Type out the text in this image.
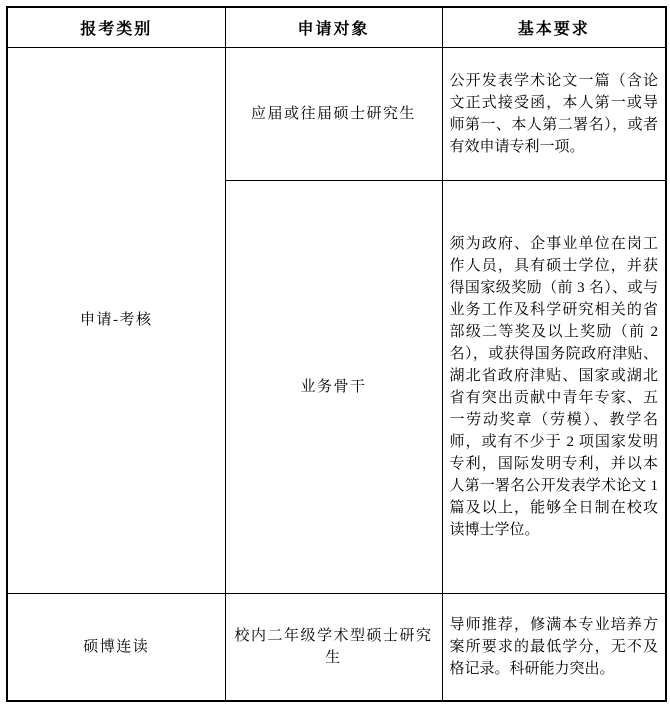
报考类别	申请对象	基本要求
申请-考核	应届或往届硕士研究生	公开发表学术论文一篇（含论文正式接受函，本人第一或导师第一、本人第二署名），或者有效申请专利一项。
	业务骨干	须为政府、企事业单位在岗工作人员，具有硕士学位，并获得国家级奖励（前 3 名）、或与业务工作及科学研究相关的省部级二等奖及以上奖励（前 2 名），或获得国务院政府津贴、湖北省政府津贴、国家或湖北省有突出贡献中青年专家、五一劳动奖章（劳模）、教学名师，或有不少于 2 项国家发明专利，国际发明专利，并以本人第一署名公开发表学术论文 1 篇及以上，能够全日制在校攻读博士学位。
硕博连读	校内二年级学术型硕士研究生	导师推荐，修满本专业培养方案所要求的最低学分，无不及格记录。科研能力突出。
